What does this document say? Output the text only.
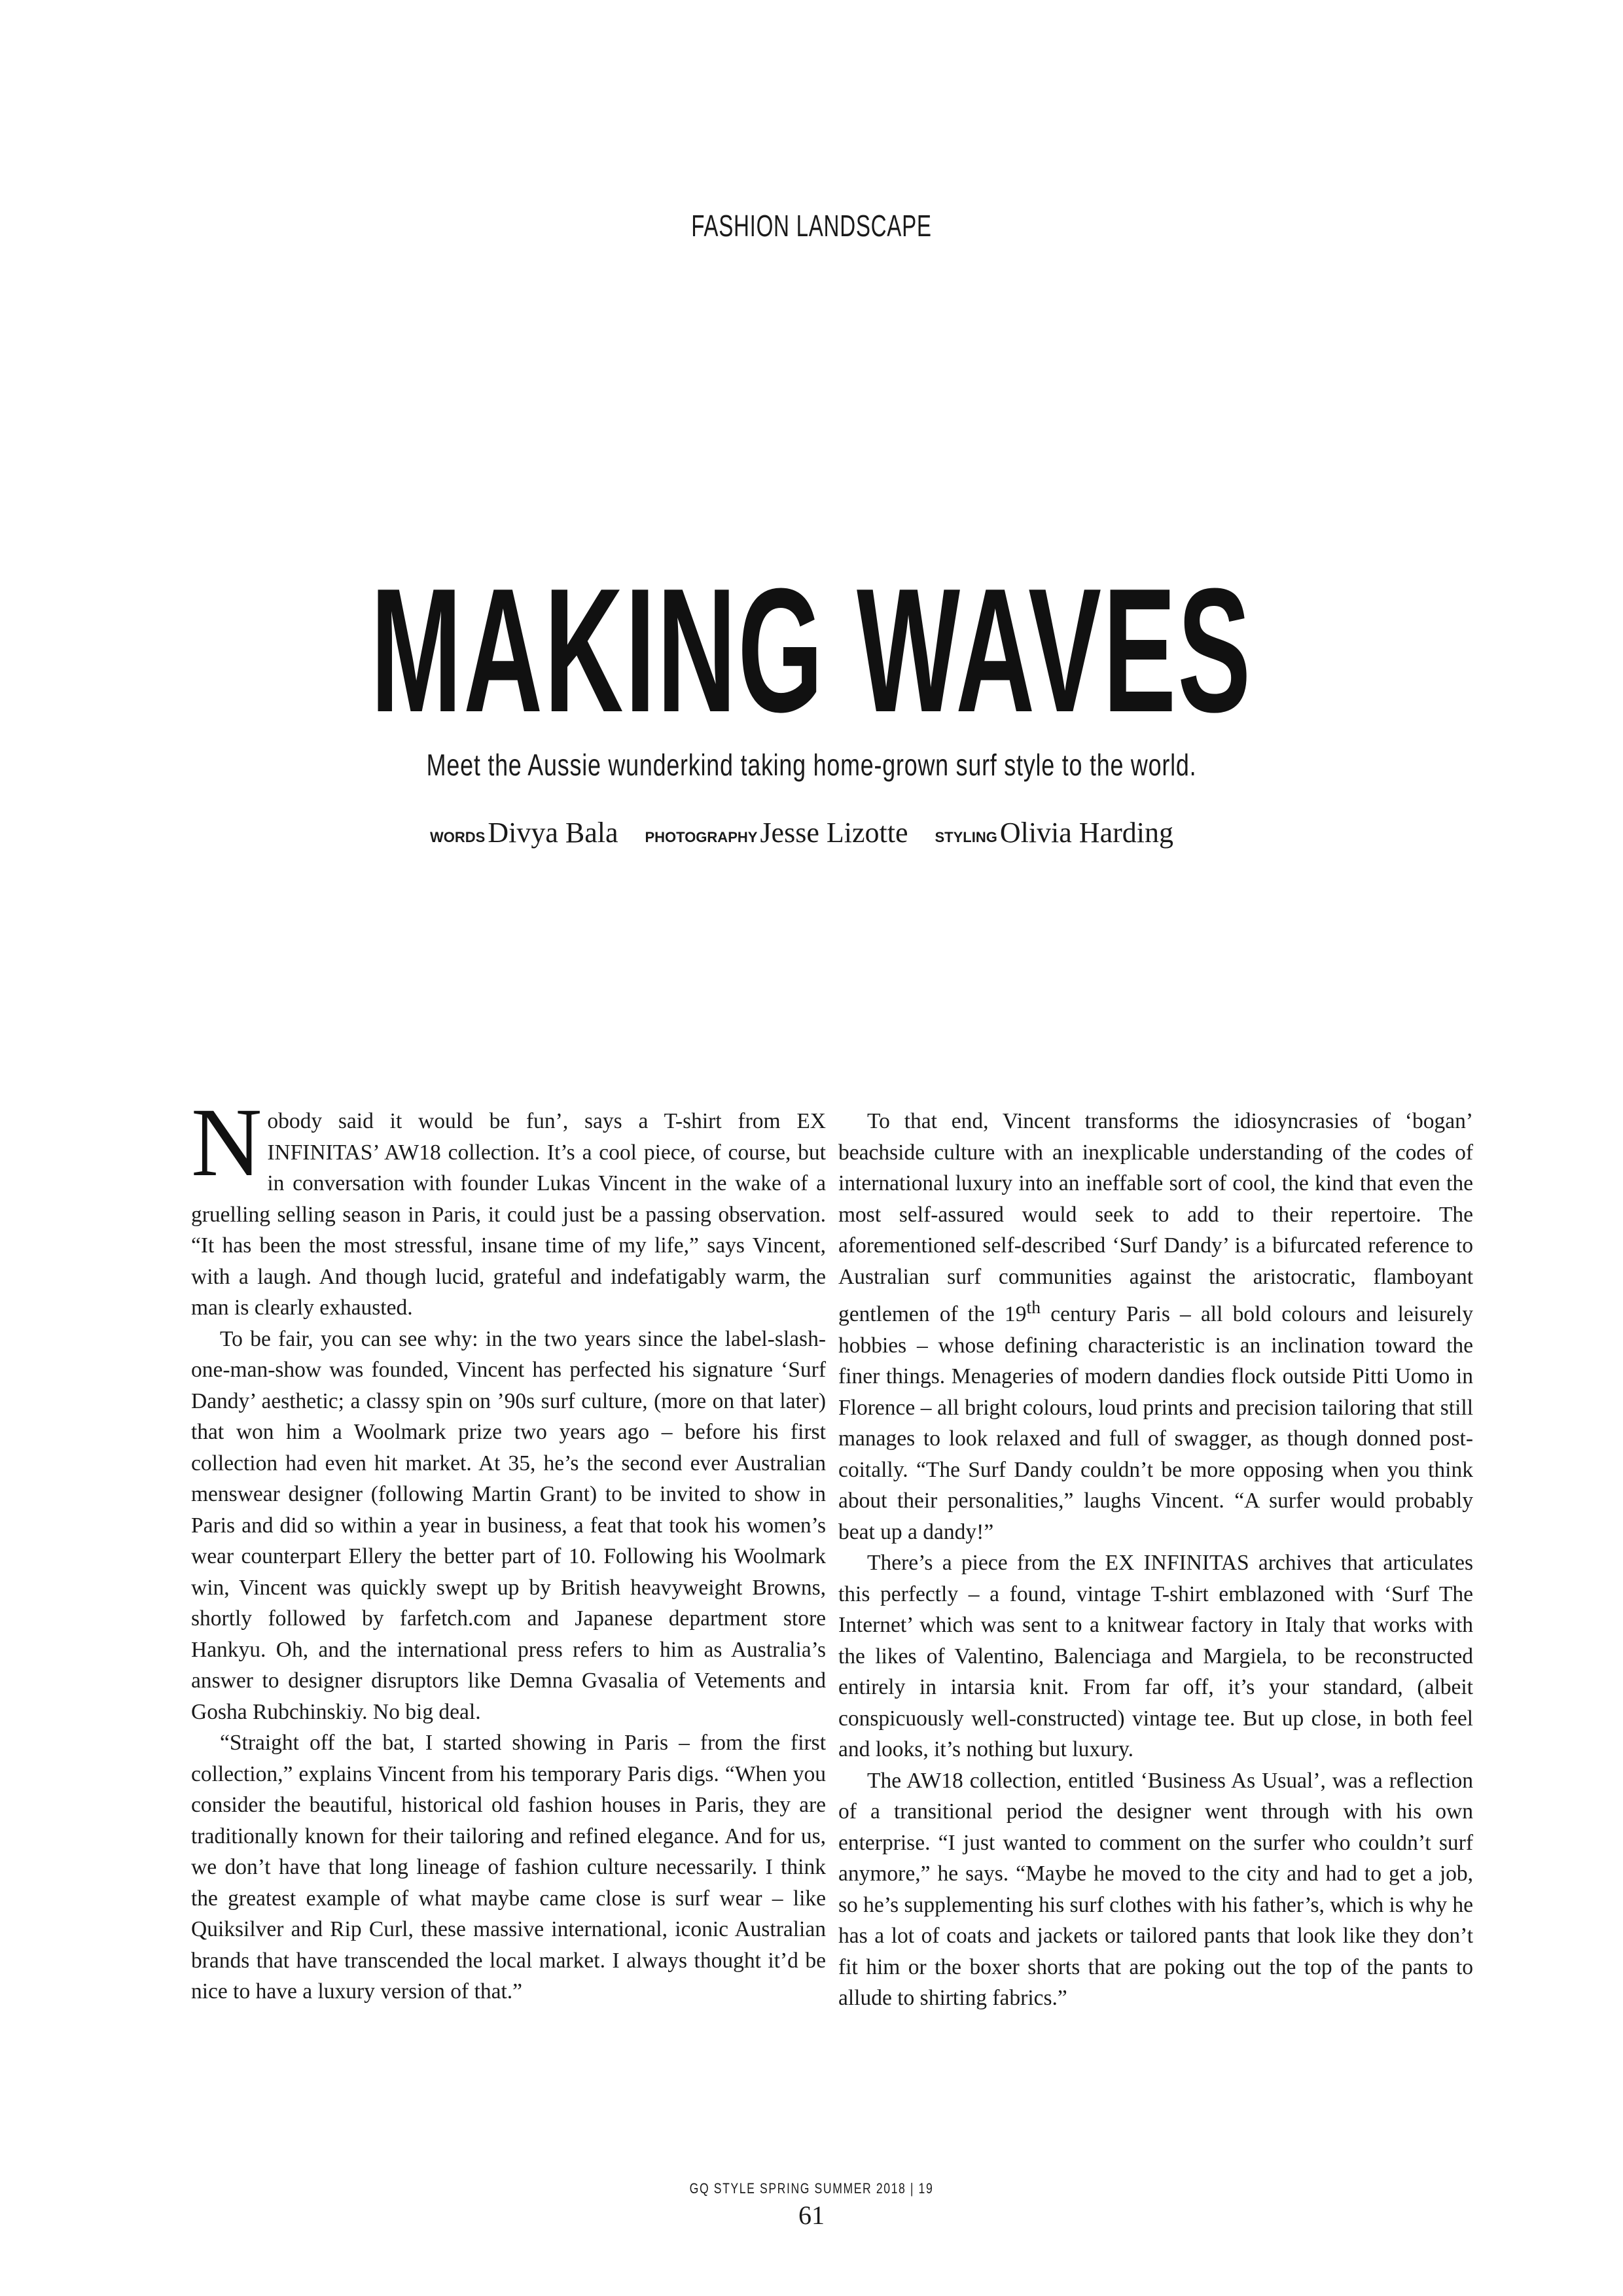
FASHION LANDSCAPE
MAKING WAVES
Meet the Aussie wunderkind taking home-grown surf style to the world.
WORDSDivya Bala PHOTOGRAPHYJesse Lizotte STYLINGOlivia Harding

Nobody said it would be fun’, says a T-shirt from EX INFINITAS’ AW18 collection. It’s a cool piece, of course, but in conversation with founder Lukas Vincent in the wake of a gruelling selling season in Paris, it could just be a passing observation. “It has been the most stressful, insane time of my life,” says Vincent, with a laugh. And though lucid, grateful and indefatigably warm, the man is clearly exhausted.

To be fair, you can see why: in the two years since the label-slash-one-man-show was founded, Vincent has perfected his signature ‘Surf Dandy’ aesthetic; a classy spin on ’90s surf culture, (more on that later) that won him a Woolmark prize two years ago – before his first collection had even hit market. At 35, he’s the second ever Australian menswear designer (following Martin Grant) to be invited to show in Paris and did so within a year in business, a feat that took his women’s wear counterpart Ellery the better part of 10. Following his Woolmark win, Vincent was quickly swept up by British heavyweight Browns, shortly followed by farfetch.com and Japanese department store Hankyu. Oh, and the international press refers to him as Australia’s answer to designer disruptors like Demna Gvasalia of Vetements and Gosha Rubchinskiy. No big deal.

“Straight off the bat, I started showing in Paris – from the first collection,” explains Vincent from his temporary Paris digs. “When you consider the beautiful, historical old fashion houses in Paris, they are traditionally known for their tailoring and refined elegance. And for us, we don’t have that long lineage of fashion culture necessarily. I think the greatest example of what maybe came close is surf wear – like Quiksilver and Rip Curl, these massive international, iconic Australian brands that have transcended the local market. I always thought it’d be nice to have a luxury version of that.”

To that end, Vincent transforms the idiosyncrasies of ‘bogan’ beachside culture with an inexplicable understanding of the codes of international luxury into an ineffable sort of cool, the kind that even the most self-assured would seek to add to their repertoire. The aforementioned self-described ‘Surf Dandy’ is a bifurcated reference to Australian surf communities against the aristocratic, flamboyant gentlemen of the 19th century Paris – all bold colours and leisurely hobbies – whose defining characteristic is an inclination toward the finer things. Menageries of modern dandies flock outside Pitti Uomo in Florence – all bright colours, loud prints and precision tailoring that still manages to look relaxed and full of swagger, as though donned post-coitally. “The Surf Dandy couldn’t be more opposing when you think about their personalities,” laughs Vincent. “A surfer would probably beat up a dandy!”

There’s a piece from the EX INFINITAS archives that articulates this perfectly – a found, vintage T-shirt emblazoned with ‘Surf The Internet’ which was sent to a knitwear factory in Italy that works with the likes of Valentino, Balenciaga and Margiela, to be reconstructed entirely in intarsia knit. From far off, it’s your standard, (albeit conspicuously well-constructed) vintage tee. But up close, in both feel and looks, it’s nothing but luxury.

The AW18 collection, entitled ‘Business As Usual’, was a reflection of a transitional period the designer went through with his own enterprise. “I just wanted to comment on the surfer who couldn’t surf anymore,” he says. “Maybe he moved to the city and had to get a job, so he’s supplementing his surf clothes with his father’s, which is why he has a lot of coats and jackets or tailored pants that look like they don’t fit him or the boxer shorts that are poking out the top of the pants to allude to shirting fabrics.”

GQ STYLE SPRING SUMMER 2018 | 19
61
